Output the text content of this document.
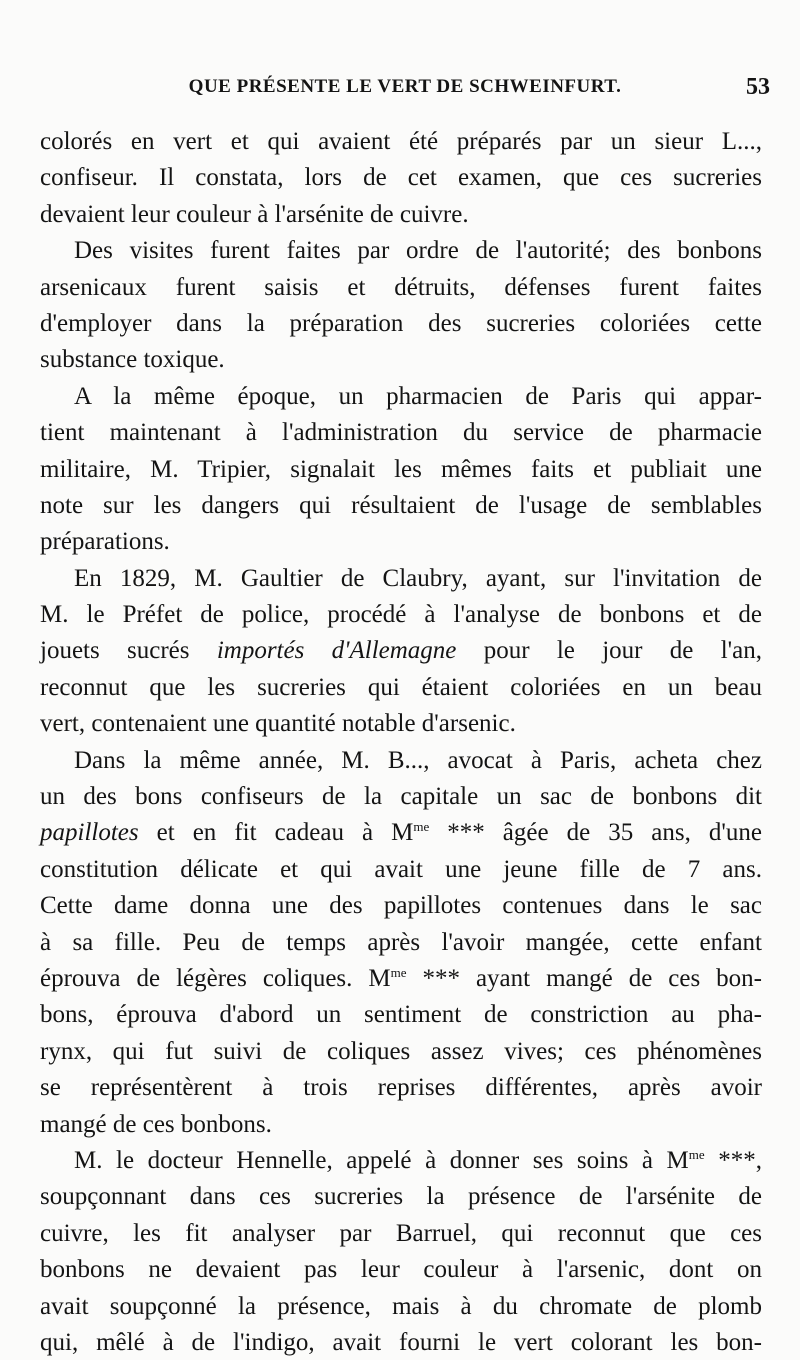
QUE PRÉSENTE LE VERT DE SCHWEINFURT.	53
colorés en vert et qui avaient été préparés par un sieur L...,
confiseur. Il constata, lors de cet examen, que ces sucreries
devaient leur couleur à l'arsénite de cuivre.
Des visites furent faites par ordre de l'autorité; des bonbons
arsenicaux furent saisis et détruits, défenses furent faites
d'employer dans la préparation des sucreries coloriées cette
substance toxique.
A la même époque, un pharmacien de Paris qui appar-
tient maintenant à l'administration du service de pharmacie
militaire, M. Tripier, signalait les mêmes faits et publiait une
note sur les dangers qui résultaient de l'usage de semblables
préparations.
En 1829, M. Gaultier de Claubry, ayant, sur l'invitation de
M. le Préfet de police, procédé à l'analyse de bonbons et de
jouets sucrés importés d'Allemagne pour le jour de l'an,
reconnut que les sucreries qui étaient coloriées en un beau
vert, contenaient une quantité notable d'arsenic.
Dans la même année, M. B..., avocat à Paris, acheta chez
un des bons confiseurs de la capitale un sac de bonbons dit
papillotes et en fit cadeau à $M^{me}$ *** âgée de 35 ans, d'une
constitution délicate et qui avait une jeune fille de 7 ans.
Cette dame donna une des papillotes contenues dans le sac
à sa fille. Peu de temps après l'avoir mangée, cette enfant
éprouva de légères coliques. $M^{me}$ *** ayant mangé de ces bon-
bons, éprouva d'abord un sentiment de constriction au pha-
rynx, qui fut suivi de coliques assez vives; ces phénomènes
se représentèrent à trois reprises différentes, après avoir
mangé de ces bonbons.
M. le docteur Hennelle, appelé à donner ses soins à $M^{me}$ ***,
soupçonnant dans ces sucreries la présence de l'arsénite de
cuivre, les fit analyser par Barruel, qui reconnut que ces
bonbons ne devaient pas leur couleur à l'arsenic, dont on
avait soupçonné la présence, mais à du chromate de plomb
qui, mêlé à de l'indigo, avait fourni le vert colorant les bon-
